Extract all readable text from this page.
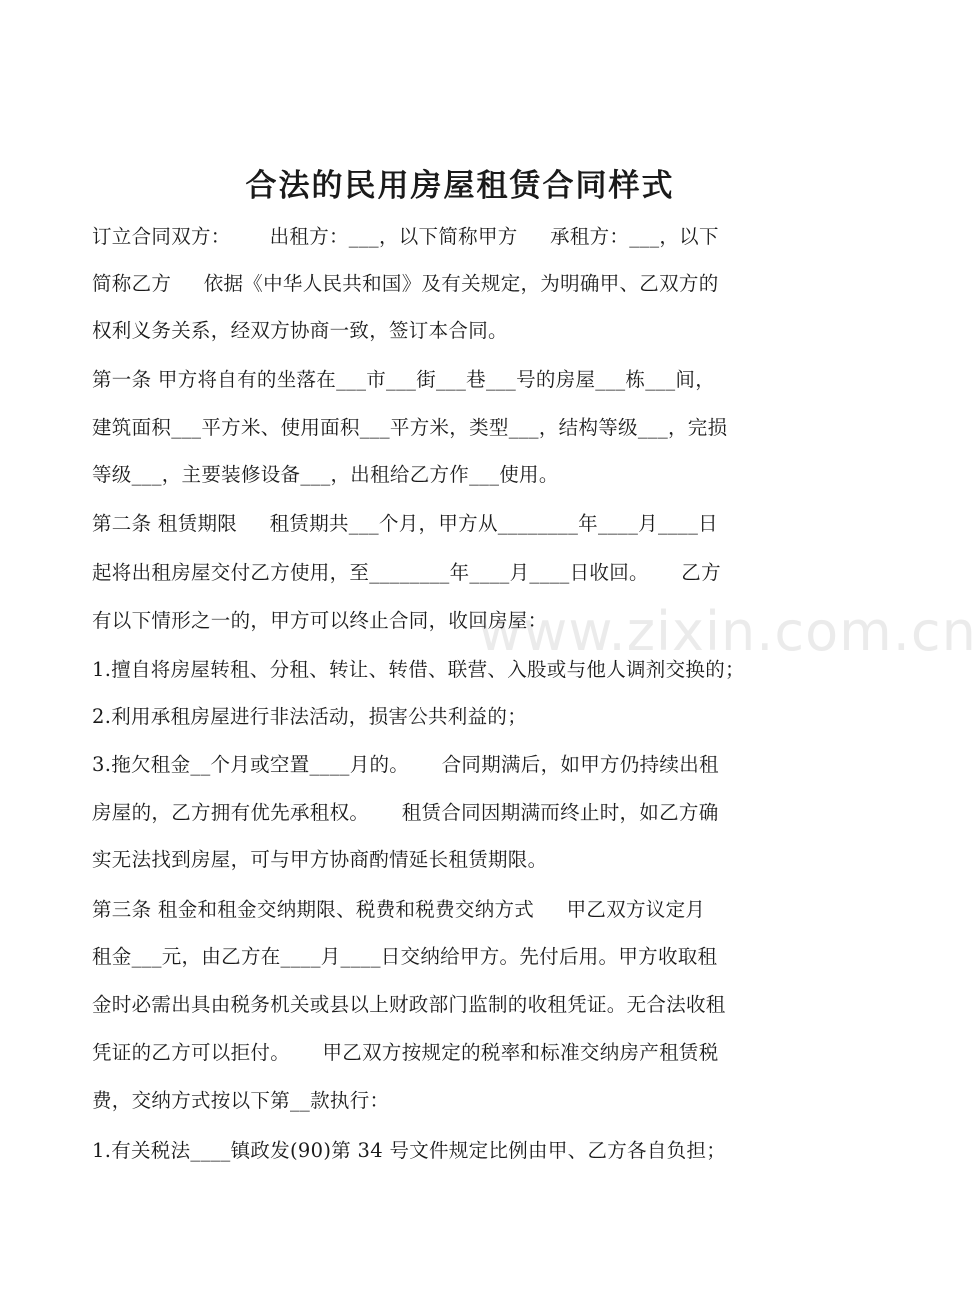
合法的民用房屋租赁合同样式
订立合同双方：      出租方：___，以下简称甲方     承租方：___，以下
简称乙方     依据《中华人民共和国》及有关规定，为明确甲、乙双方的
权利义务关系，经双方协商一致，签订本合同。
第一条 甲方将自有的坐落在___市___街___巷___号的房屋___栋___间，
建筑面积___平方米、使用面积___平方米，类型___，结构等级___，完损
等级___，主要装修设备___，出租给乙方作___使用。
第二条 租赁期限     租赁期共___个月，甲方从________年____月____日
起将出租房屋交付乙方使用，至________年____月____日收回。     乙方
有以下情形之一的，甲方可以终止合同，收回房屋：
1.擅自将房屋转租、分租、转让、转借、联营、入股或与他人调剂交换的；
2.利用承租房屋进行非法活动，损害公共利益的；
3.拖欠租金__个月或空置____月的。     合同期满后，如甲方仍持续出租
房屋的，乙方拥有优先承租权。     租赁合同因期满而终止时，如乙方确
实无法找到房屋，可与甲方协商酌情延长租赁期限。
第三条 租金和租金交纳期限、税费和税费交纳方式     甲乙双方议定月
租金___元，由乙方在____月____日交纳给甲方。先付后用。甲方收取租
金时必需出具由税务机关或县以上财政部门监制的收租凭证。无合法收租
凭证的乙方可以拒付。     甲乙双方按规定的税率和标准交纳房产租赁税
费，交纳方式按以下第__款执行：
1.有关税法____镇政发(90)第 34 号文件规定比例由甲、乙方各自负担；
www.zixin.com.cn
